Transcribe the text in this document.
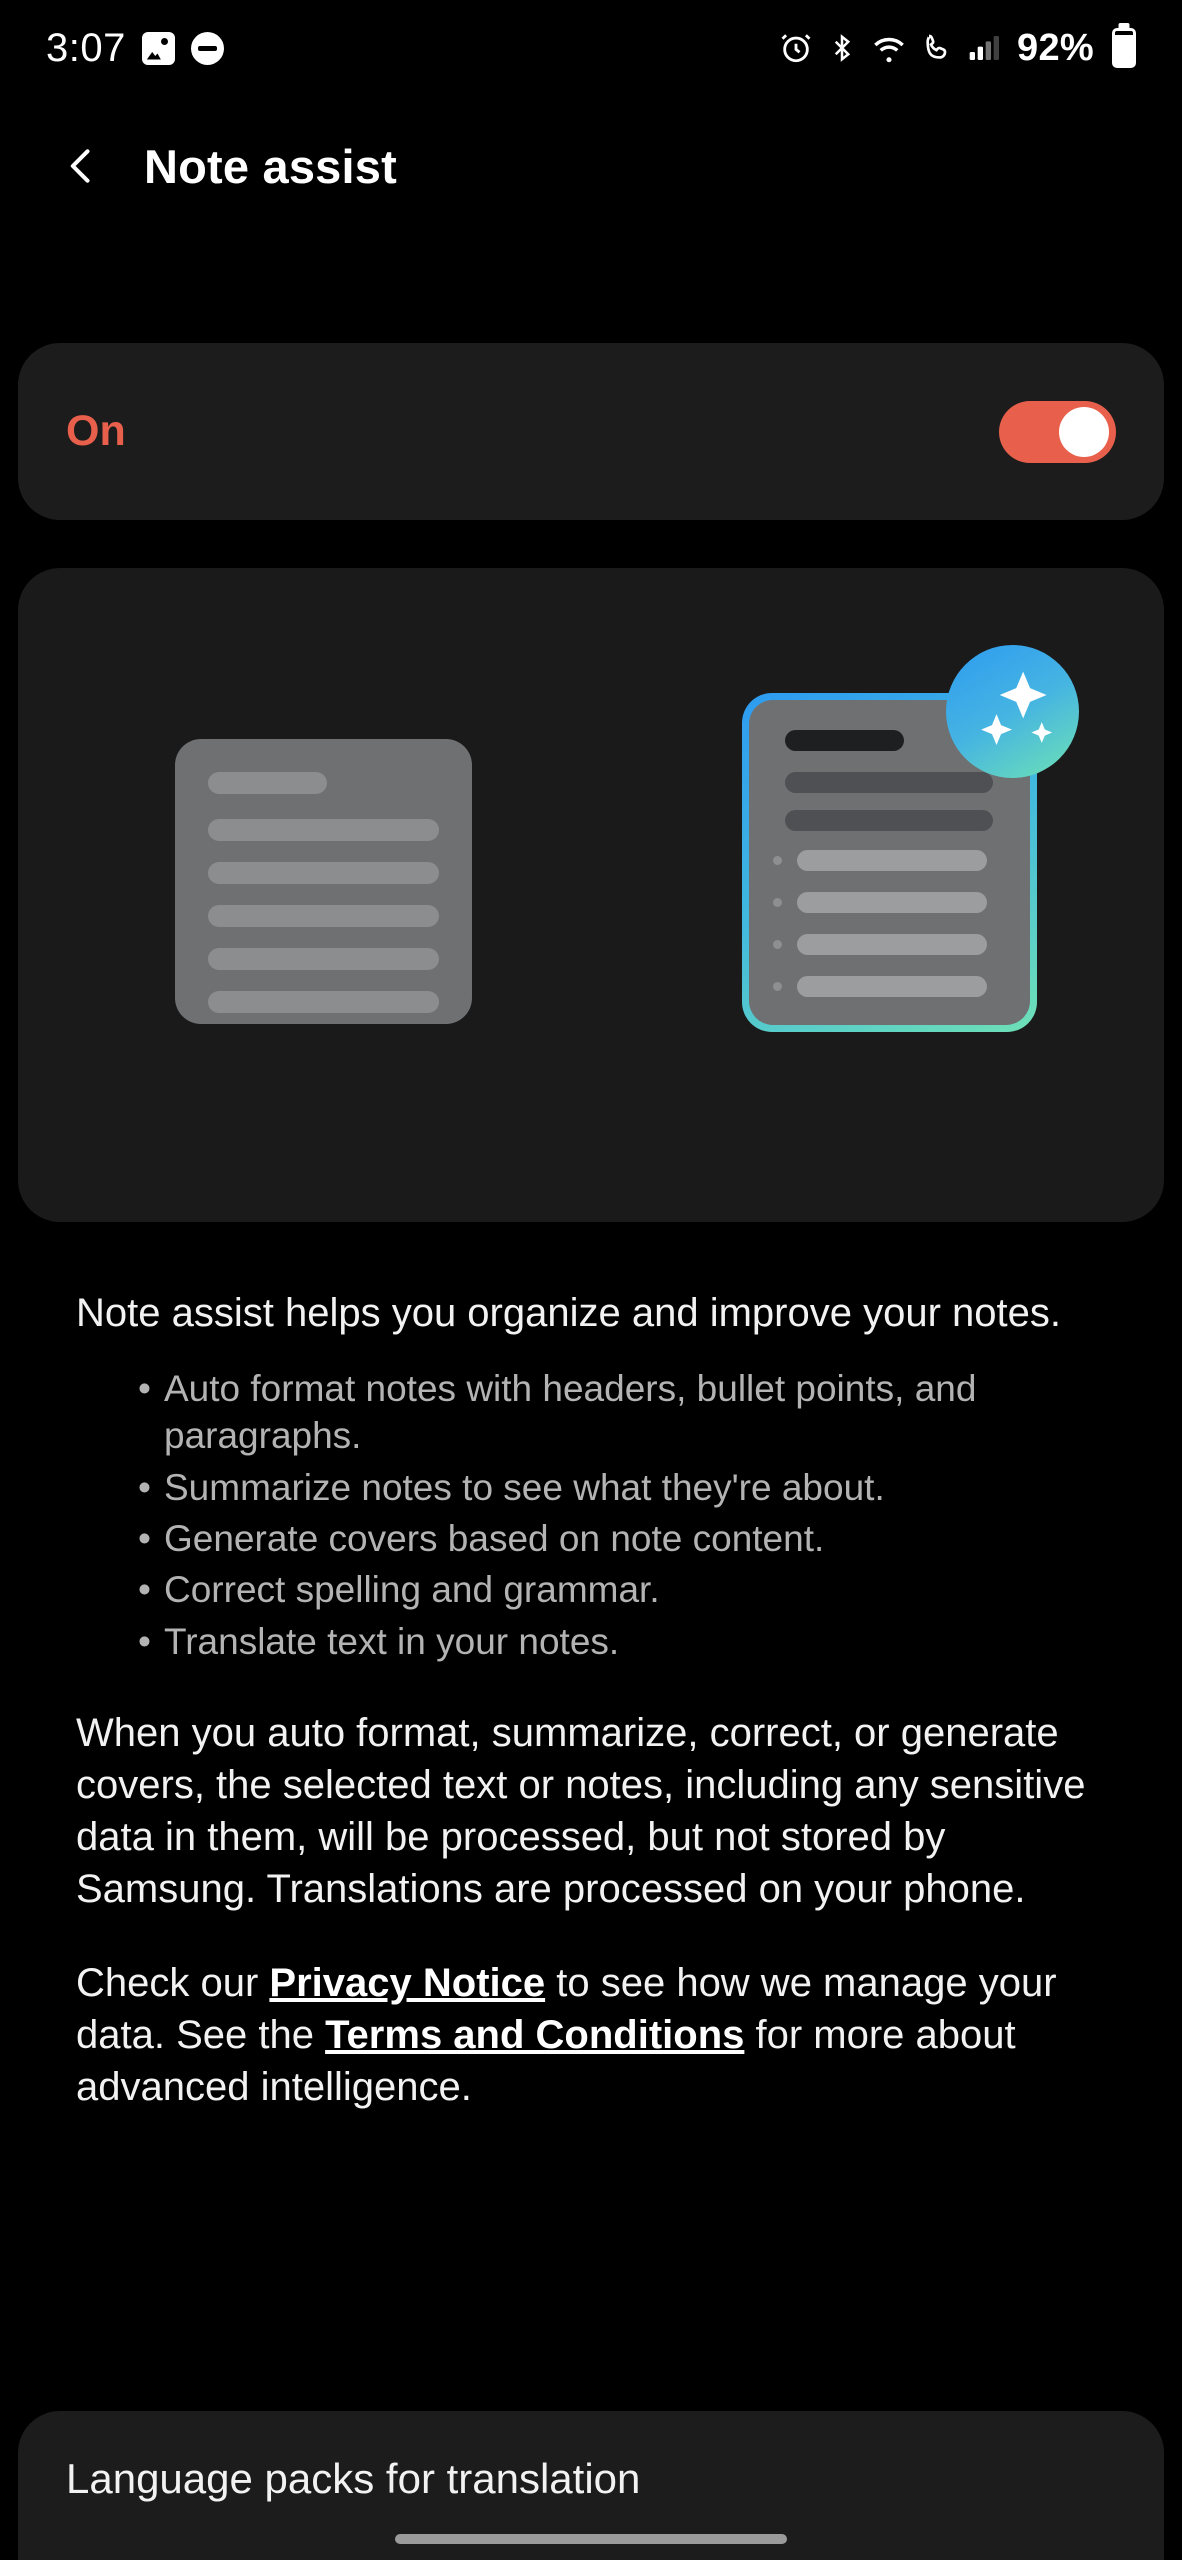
3:07	92%
Note assist
On

Note assist helps you organize and improve your notes.

• Auto format notes with headers, bullet points, and paragraphs.
• Summarize notes to see what they're about.
• Generate covers based on note content.
• Correct spelling and grammar.
• Translate text in your notes.

When you auto format, summarize, correct, or generate covers, the selected text or notes, including any sensitive data in them, will be processed, but not stored by Samsung. Translations are processed on your phone.

Check our Privacy Notice to see how we manage your data. See the Terms and Conditions for more about advanced intelligence.

Language packs for translation
